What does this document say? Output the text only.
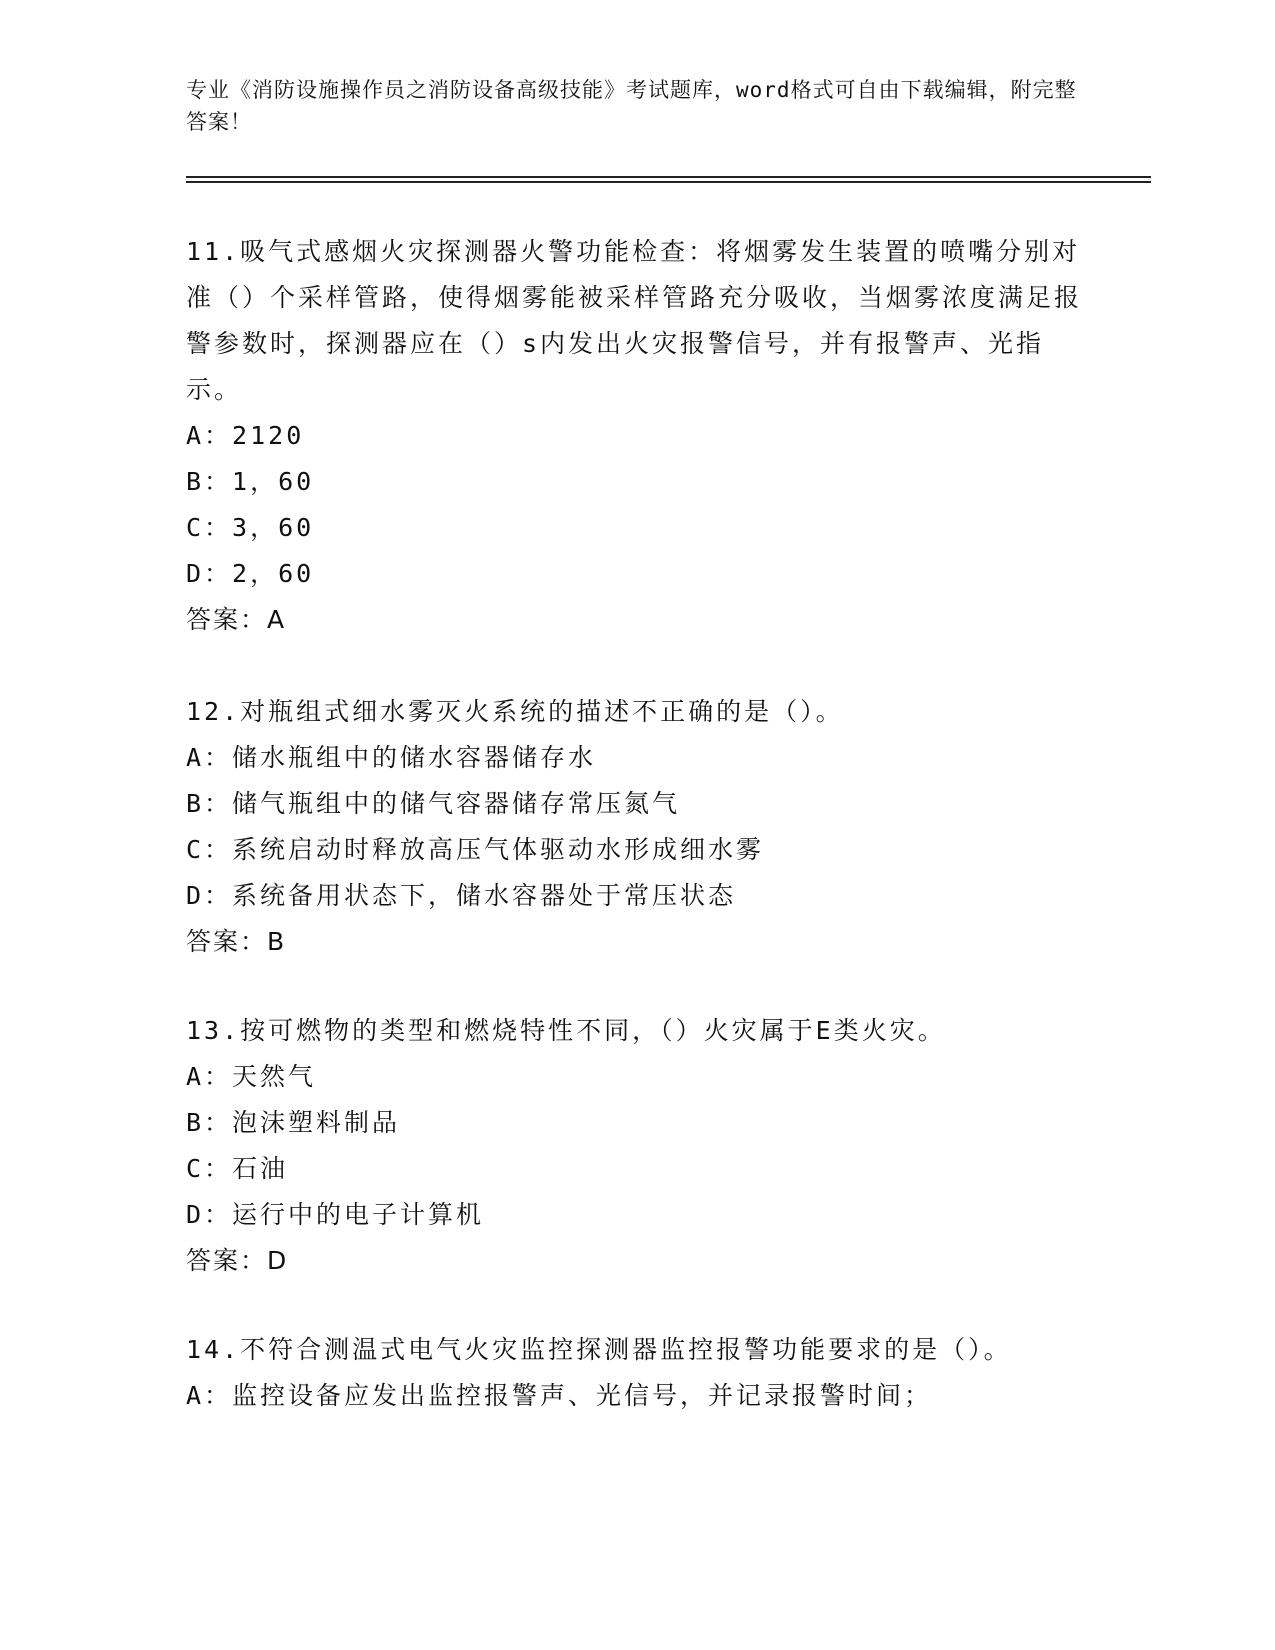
专业《消防设施操作员之消防设备高级技能》考试题库，word格式可自由下载编辑，附完整答案！

11.吸气式感烟火灾探测器火警功能检查：将烟雾发生装置的喷嘴分别对准（）个采样管路，使得烟雾能被采样管路充分吸收，当烟雾浓度满足报警参数时，探测器应在（）s内发出火灾报警信号，并有报警声、光指示。

A：2120

B：1，60

C：3，60

D：2，60

答案：A

12.对瓶组式细水雾灭火系统的描述不正确的是（）。

A：储水瓶组中的储水容器储存水

B：储气瓶组中的储气容器储存常压氮气

C：系统启动时释放高压气体驱动水形成细水雾

D：系统备用状态下，储水容器处于常压状态

答案：B

13.按可燃物的类型和燃烧特性不同，（）火灾属于E类火灾。

A：天然气

B：泡沫塑料制品

C：石油

D：运行中的电子计算机

答案：D

14.不符合测温式电气火灾监控探测器监控报警功能要求的是（）。

A：监控设备应发出监控报警声、光信号，并记录报警时间；
